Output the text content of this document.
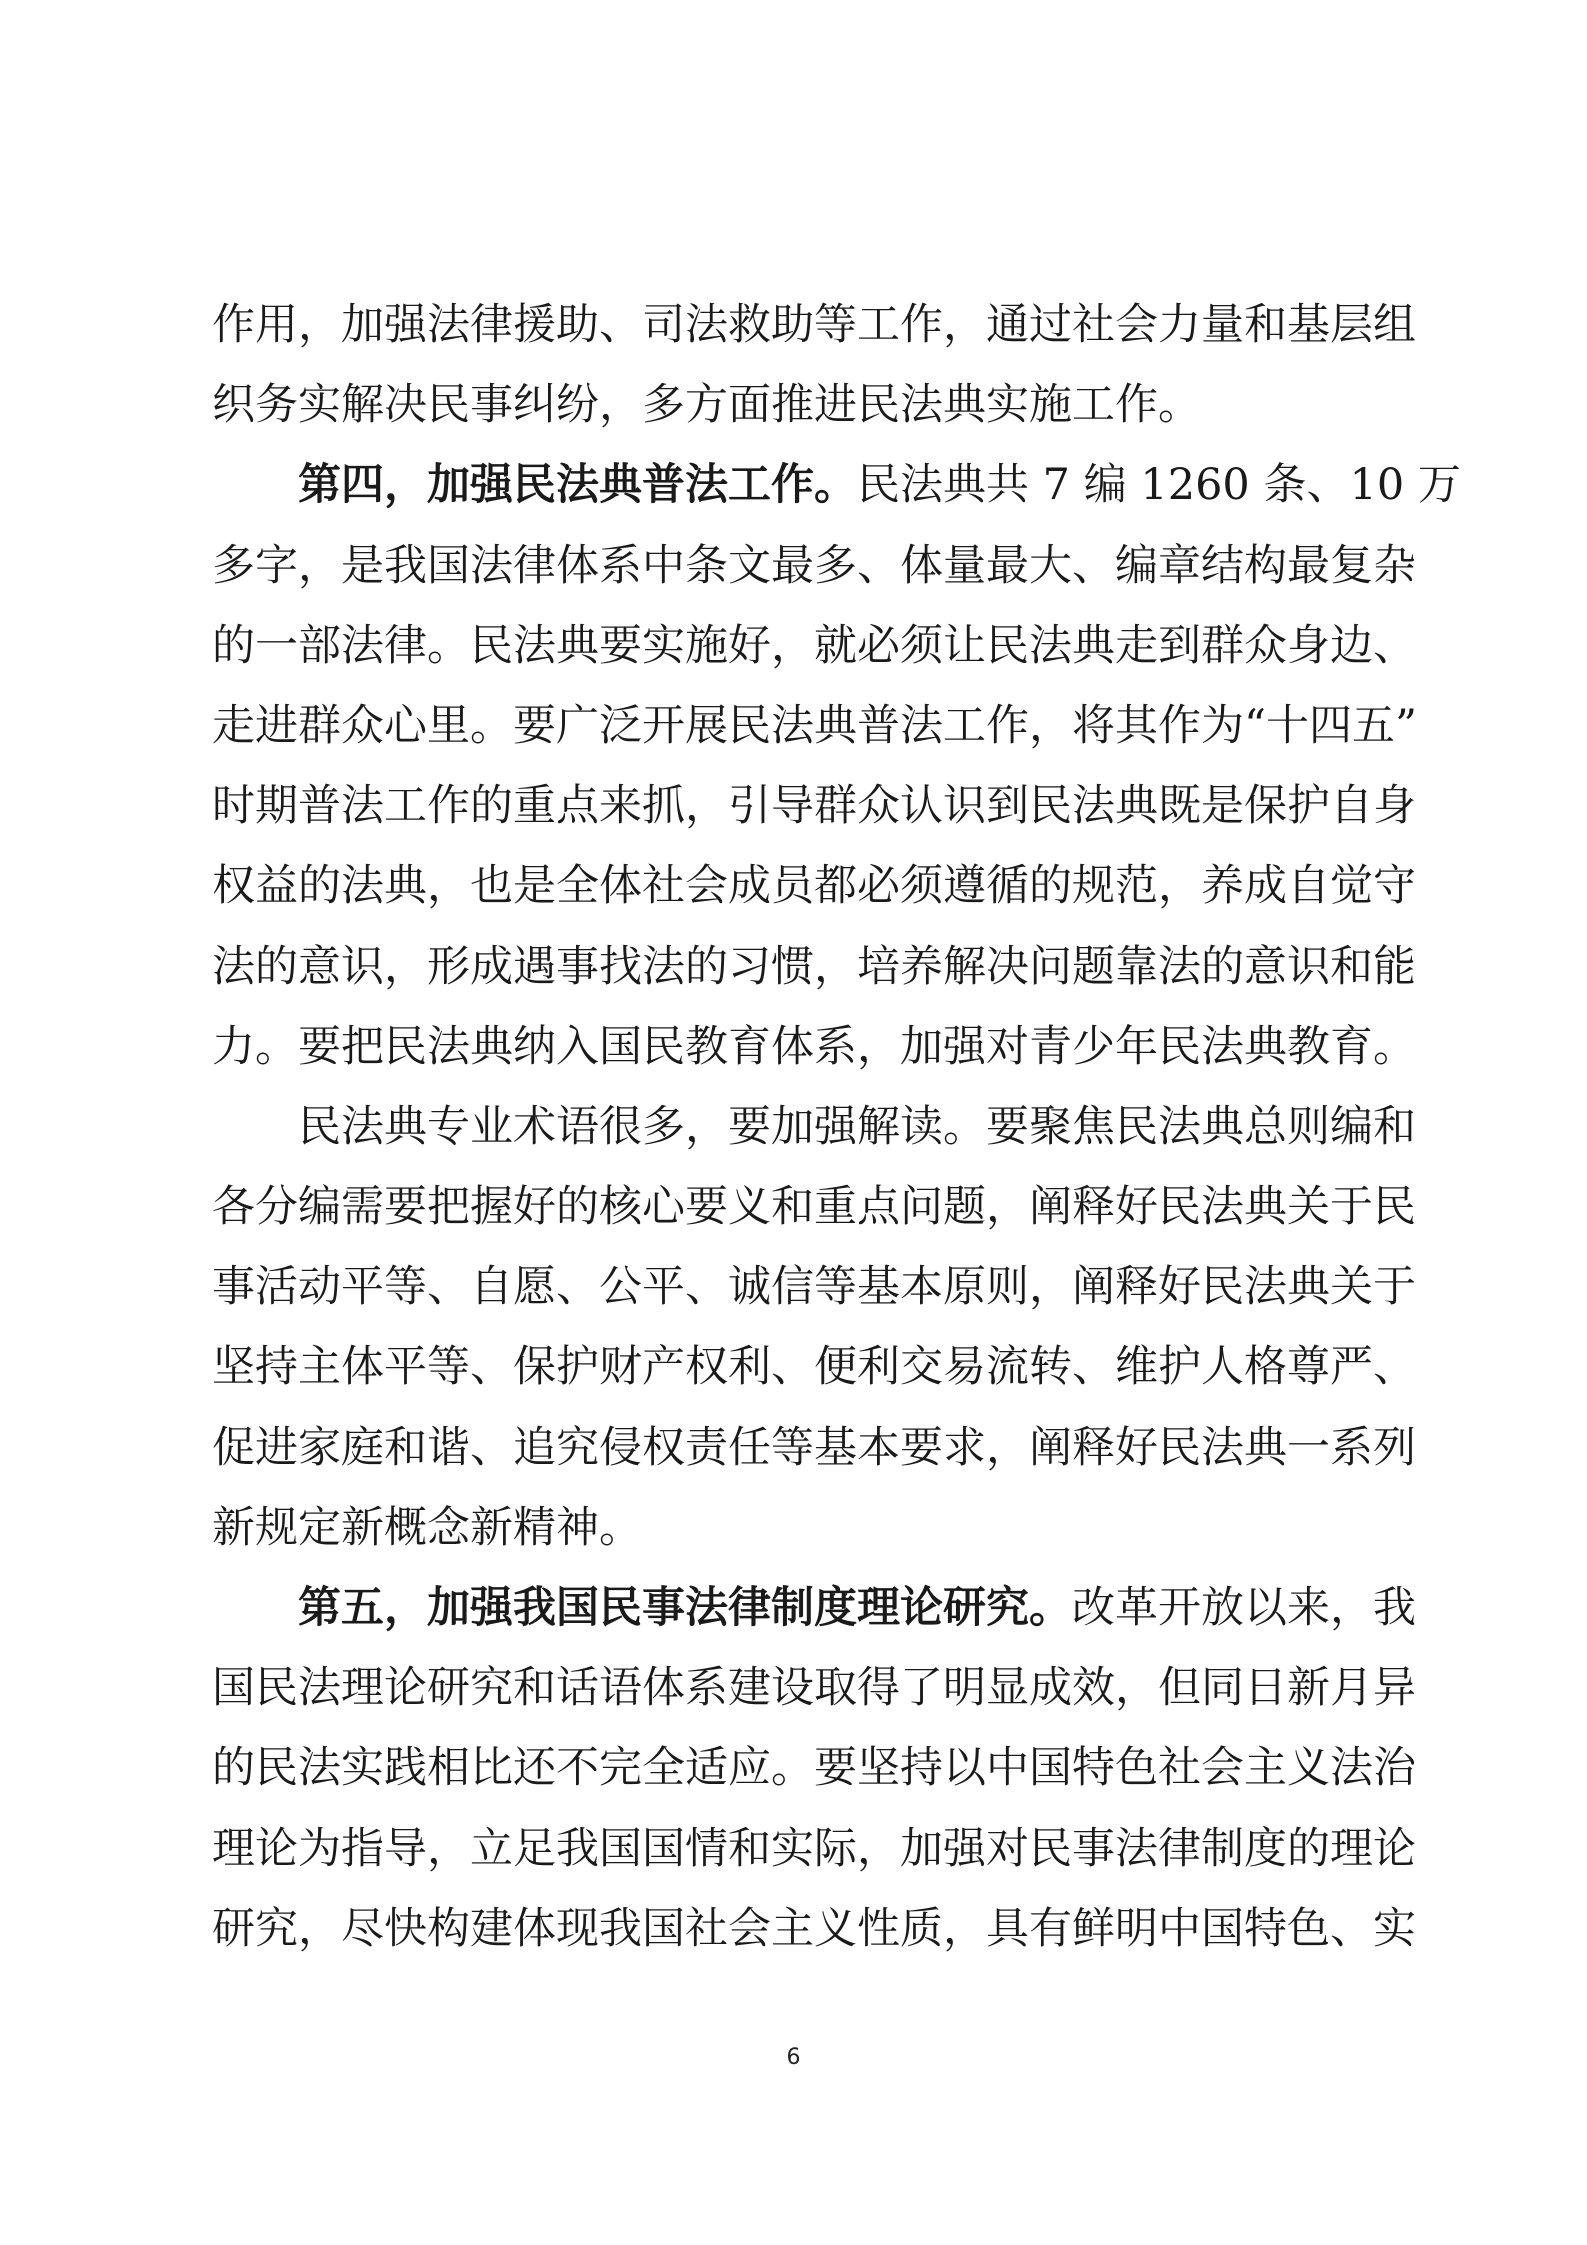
作用，加强法律援助、司法救助等工作，通过社会力量和基层组
织务实解决民事纠纷，多方面推进民法典实施工作。
第四，加强民法典普法工作。民法典共 7 编 1260 条、10 万
多字，是我国法律体系中条文最多、体量最大、编章结构最复杂
的一部法律。民法典要实施好，就必须让民法典走到群众身边、
走进群众心里。要广泛开展民法典普法工作，将其作为“十四五”
时期普法工作的重点来抓，引导群众认识到民法典既是保护自身
权益的法典，也是全体社会成员都必须遵循的规范，养成自觉守
法的意识，形成遇事找法的习惯，培养解决问题靠法的意识和能
力。要把民法典纳入国民教育体系，加强对青少年民法典教育。
民法典专业术语很多，要加强解读。要聚焦民法典总则编和
各分编需要把握好的核心要义和重点问题，阐释好民法典关于民
事活动平等、自愿、公平、诚信等基本原则，阐释好民法典关于
坚持主体平等、保护财产权利、便利交易流转、维护人格尊严、
促进家庭和谐、追究侵权责任等基本要求，阐释好民法典一系列
新规定新概念新精神。
第五，加强我国民事法律制度理论研究。改革开放以来，我
国民法理论研究和话语体系建设取得了明显成效，但同日新月异
的民法实践相比还不完全适应。要坚持以中国特色社会主义法治
理论为指导，立足我国国情和实际，加强对民事法律制度的理论
研究，尽快构建体现我国社会主义性质，具有鲜明中国特色、实
6
